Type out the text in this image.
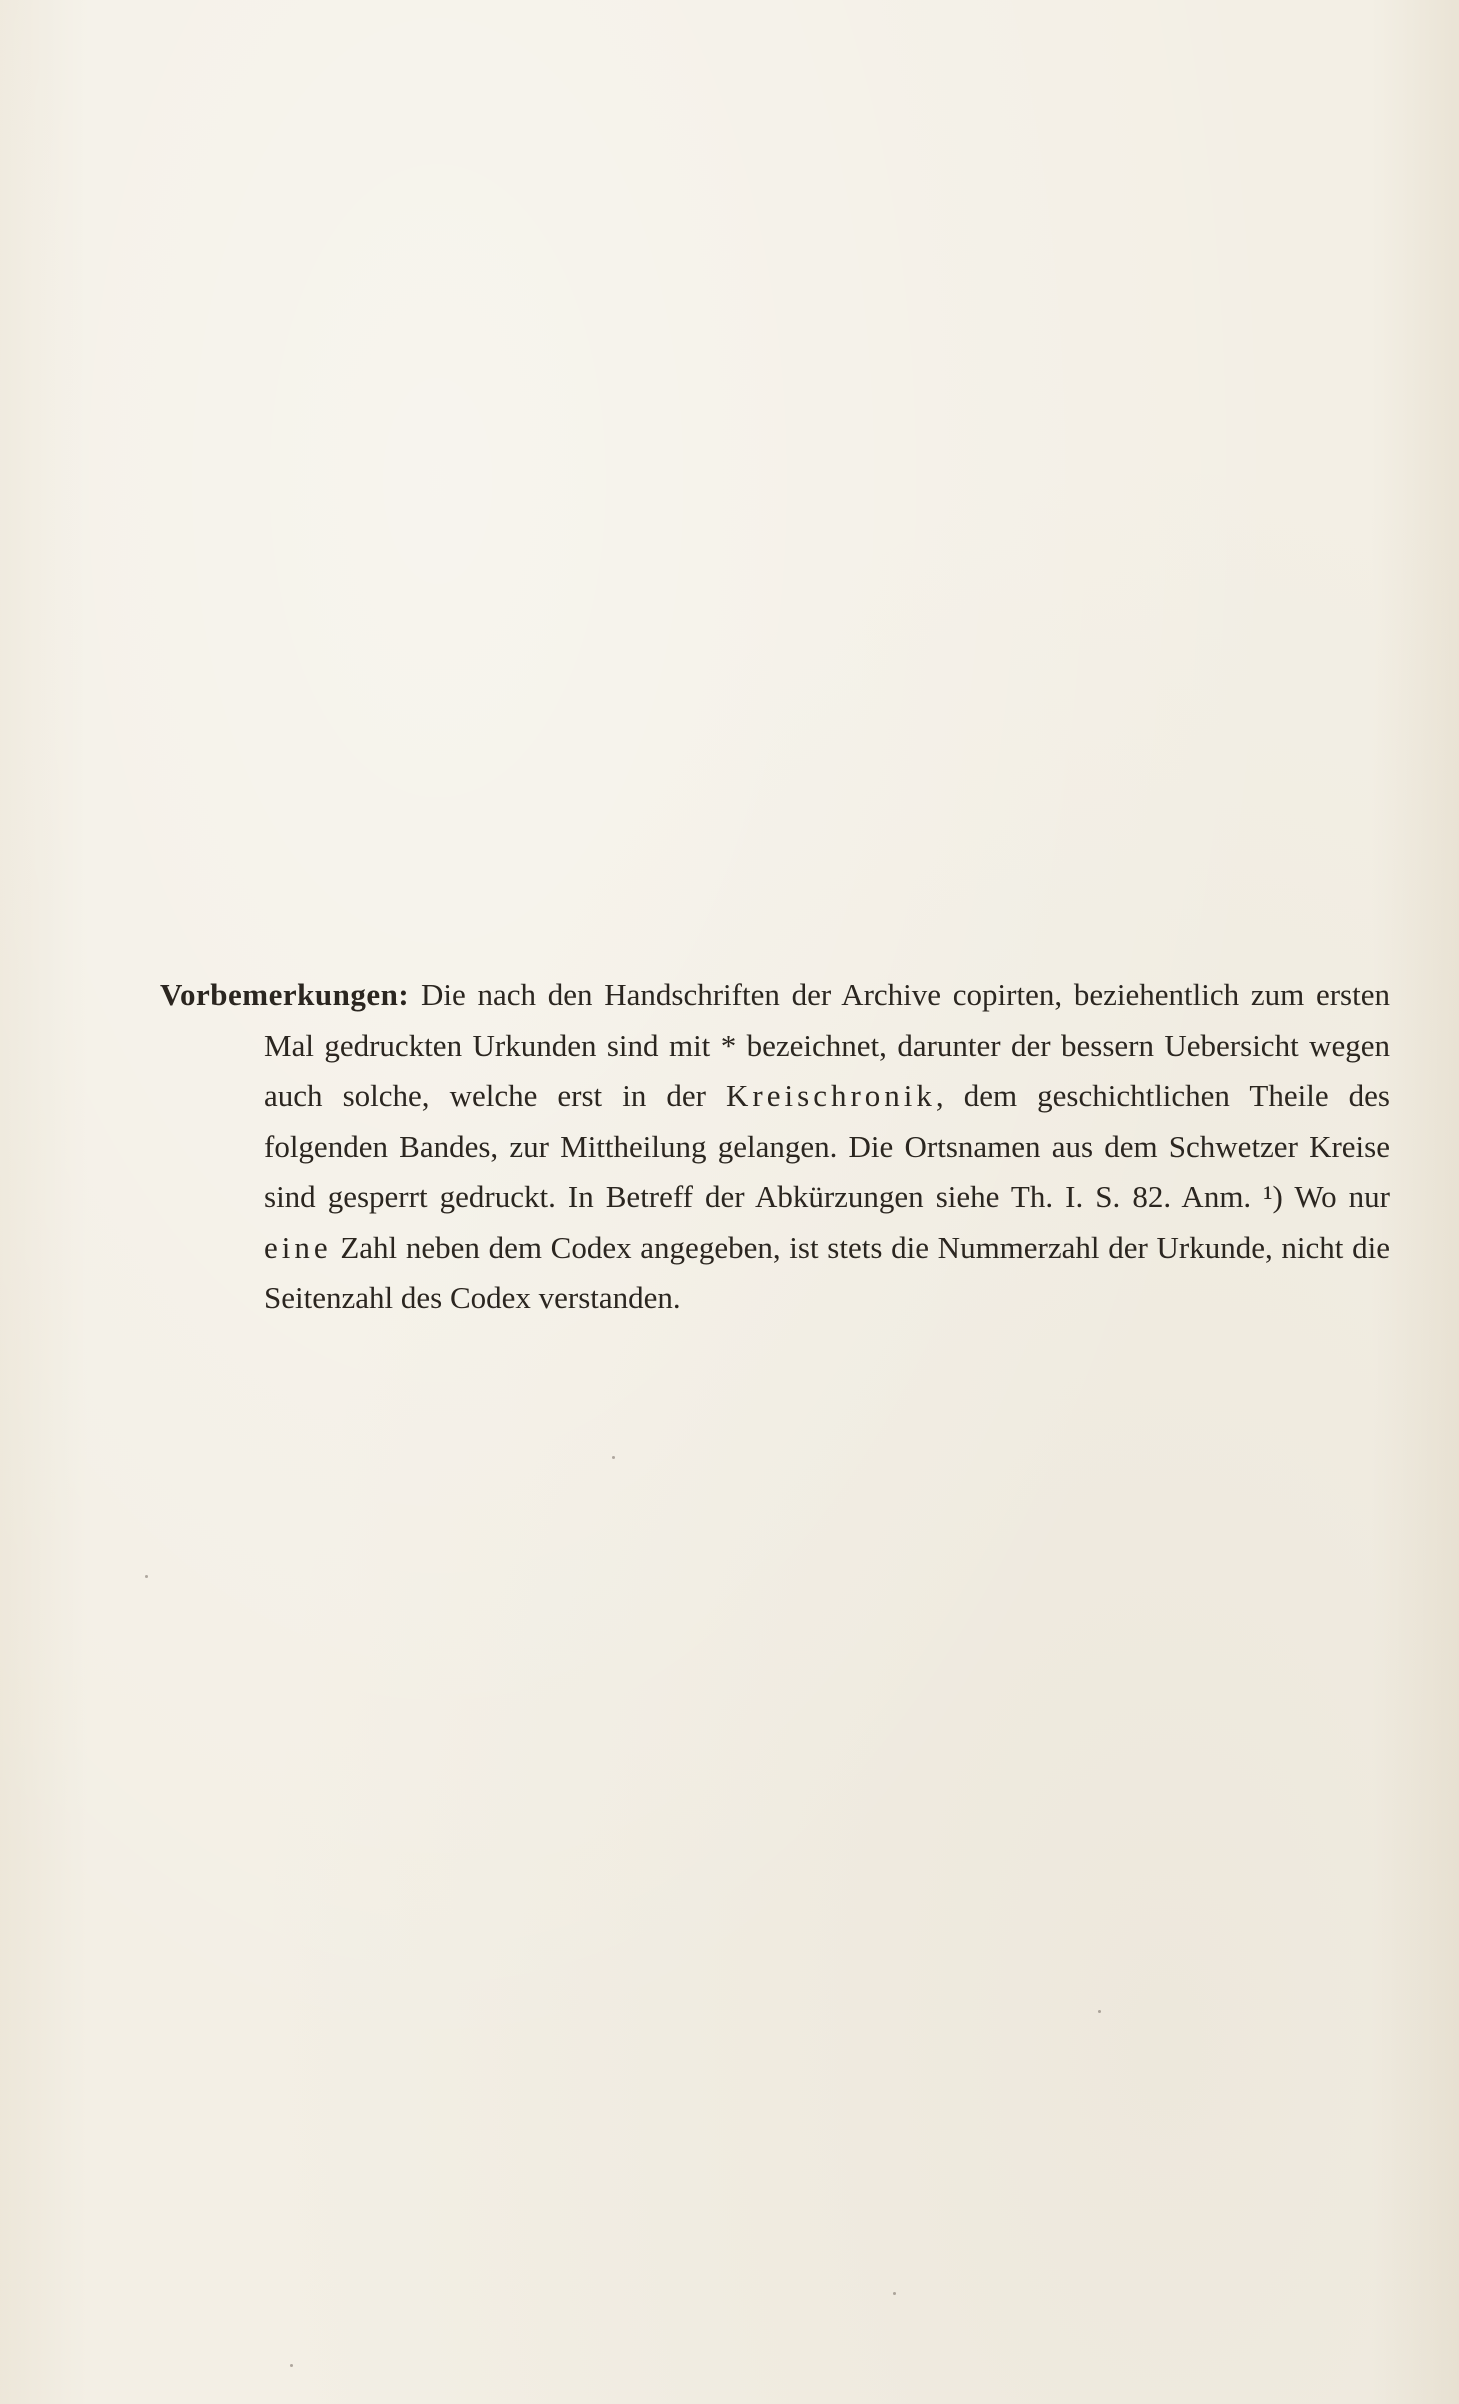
Vorbemerkungen: Die nach den Handschriften der Archive copirten, beziehentlich zum ersten Mal gedruckten Urkunden sind mit * bezeichnet, darunter der bessern Uebersicht wegen auch solche, welche erst in der Kreischronik, dem geschichtlichen Theile des folgenden Bandes, zur Mittheilung gelangen. Die Ortsnamen aus dem Schwetzer Kreise sind gesperrt gedruckt. In Betreff der Abkürzungen siehe Th. I. S. 82. Anm. ¹) Wo nur eine Zahl neben dem Codex angegeben, ist stets die Nummerzahl der Urkunde, nicht die Seitenzahl des Codex verstanden.
